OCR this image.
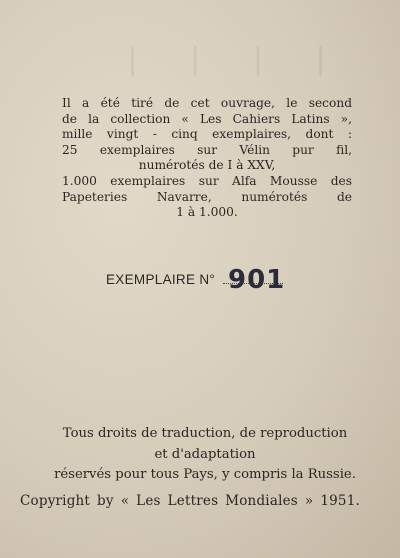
❘ ❘ ❘ ❘
Il a été tiré de cet ouvrage, le second
de la collection « Les Cahiers Latins »,
mille vingt - cinq exemplaires, dont :
25 exemplaires sur Vélin pur fil,
numérotés de I à XXV,
1.000 exemplaires sur Alfa Mousse des
Papeteries Navarre, numérotés de
1 à 1.000.
EXEMPLAIRE N° 901
Tous droits de traduction, de reproduction
et d'adaptation
réservés pour tous Pays, y compris la Russie.
Copyright by « Les Lettres Mondiales » 1951.
